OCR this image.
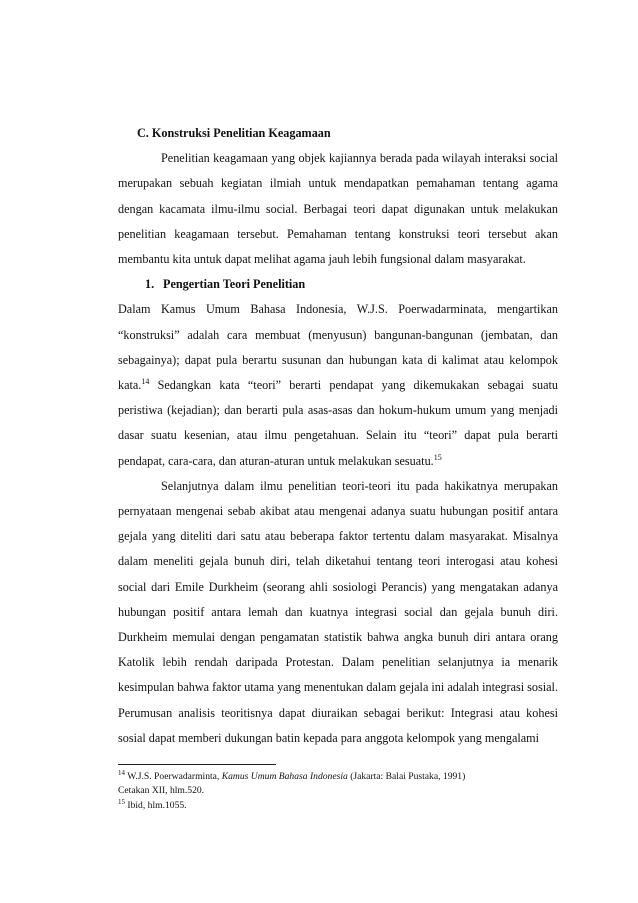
C. Konstruksi Penelitian Keagamaan

Penelitian keagamaan yang objek kajiannya berada pada wilayah interaksi social merupakan sebuah kegiatan ilmiah untuk mendapatkan pemahaman tentang agama dengan kacamata ilmu-ilmu social. Berbagai teori dapat digunakan untuk melakukan penelitian keagamaan tersebut. Pemahaman tentang konstruksi teori tersebut akan membantu kita untuk dapat melihat agama jauh lebih fungsional dalam masyarakat.

1. Pengertian Teori Penelitian

Dalam Kamus Umum Bahasa Indonesia, W.J.S. Poerwadarminata, mengartikan “konstruksi” adalah cara membuat (menyusun) bangunan-bangunan (jembatan, dan sebagainya); dapat pula berartu susunan dan hubungan kata di kalimat atau kelompok kata.$^{14}$ Sedangkan kata “teori” berarti pendapat yang dikemukakan sebagai suatu peristiwa (kejadian); dan berarti pula asas-asas dan hokum-hukum umum yang menjadi dasar suatu kesenian, atau ilmu pengetahuan. Selain itu “teori” dapat pula berarti pendapat, cara-cara, dan aturan-aturan untuk melakukan sesuatu.$^{15}$

Selanjutnya dalam ilmu penelitian teori-teori itu pada hakikatnya merupakan pernyataan mengenai sebab akibat atau mengenai adanya suatu hubungan positif antara gejala yang diteliti dari satu atau beberapa faktor tertentu dalam masyarakat. Misalnya dalam meneliti gejala bunuh diri, telah diketahui tentang teori interogasi atau kohesi social dari Emile Durkheim (seorang ahli sosiologi Perancis) yang mengatakan adanya hubungan positif antara lemah dan kuatnya integrasi social dan gejala bunuh diri. Durkheim memulai dengan pengamatan statistik bahwa angka bunuh diri antara orang Katolik lebih rendah daripada Protestan. Dalam penelitian selanjutnya ia menarik kesimpulan bahwa faktor utama yang menentukan dalam gejala ini adalah integrasi sosial. Perumusan analisis teoritisnya dapat diuraikan sebagai berikut: Integrasi atau kohesi sosial dapat memberi dukungan batin kepada para anggota kelompok yang mengalami

$^{14}$ W.J.S. Poerwadarminta, Kamus Umum Bahasa Indonesia (Jakarta: Balai Pustaka, 1991)
Cetakan XII, hlm.520.

$^{15}$ Ibid, hlm.1055.
